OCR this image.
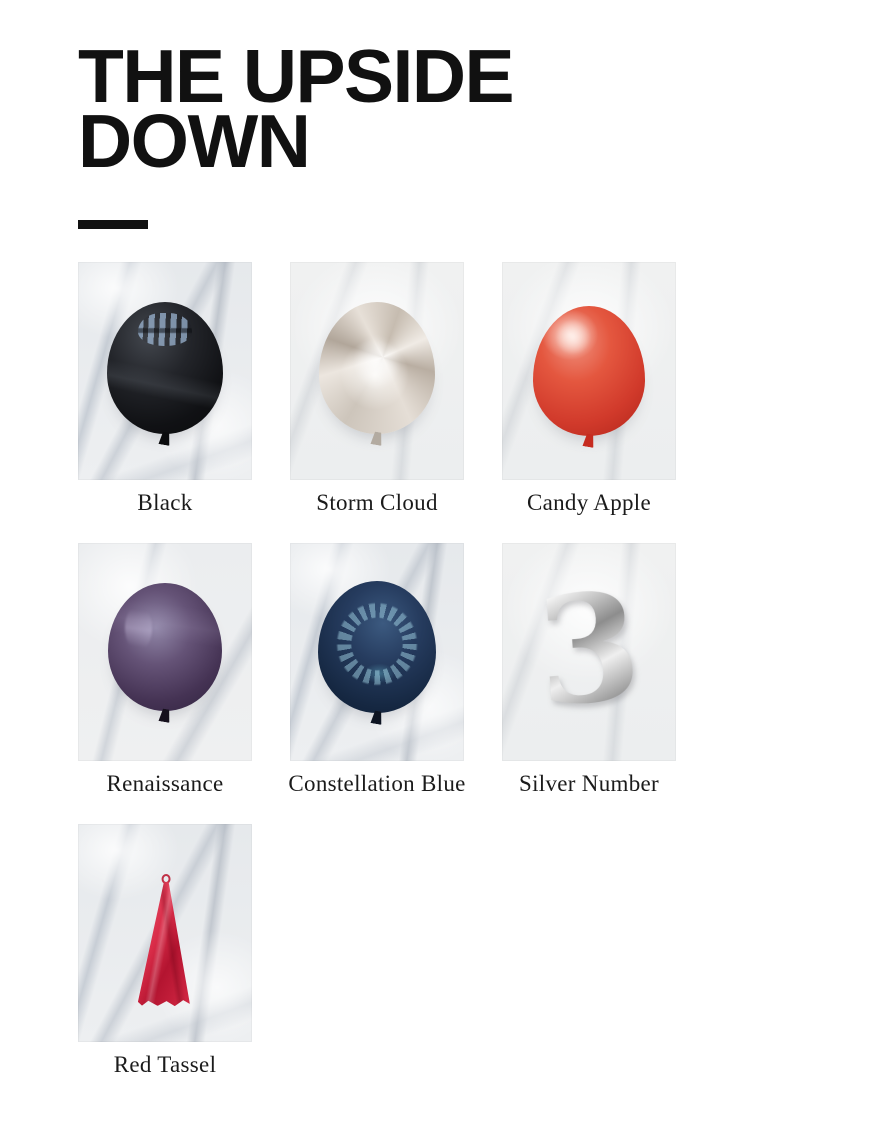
THE UPSIDE DOWN
Black	Storm Cloud	Candy Apple
Renaissance	Constellation Blue
3
Silver Number
Red Tassel
